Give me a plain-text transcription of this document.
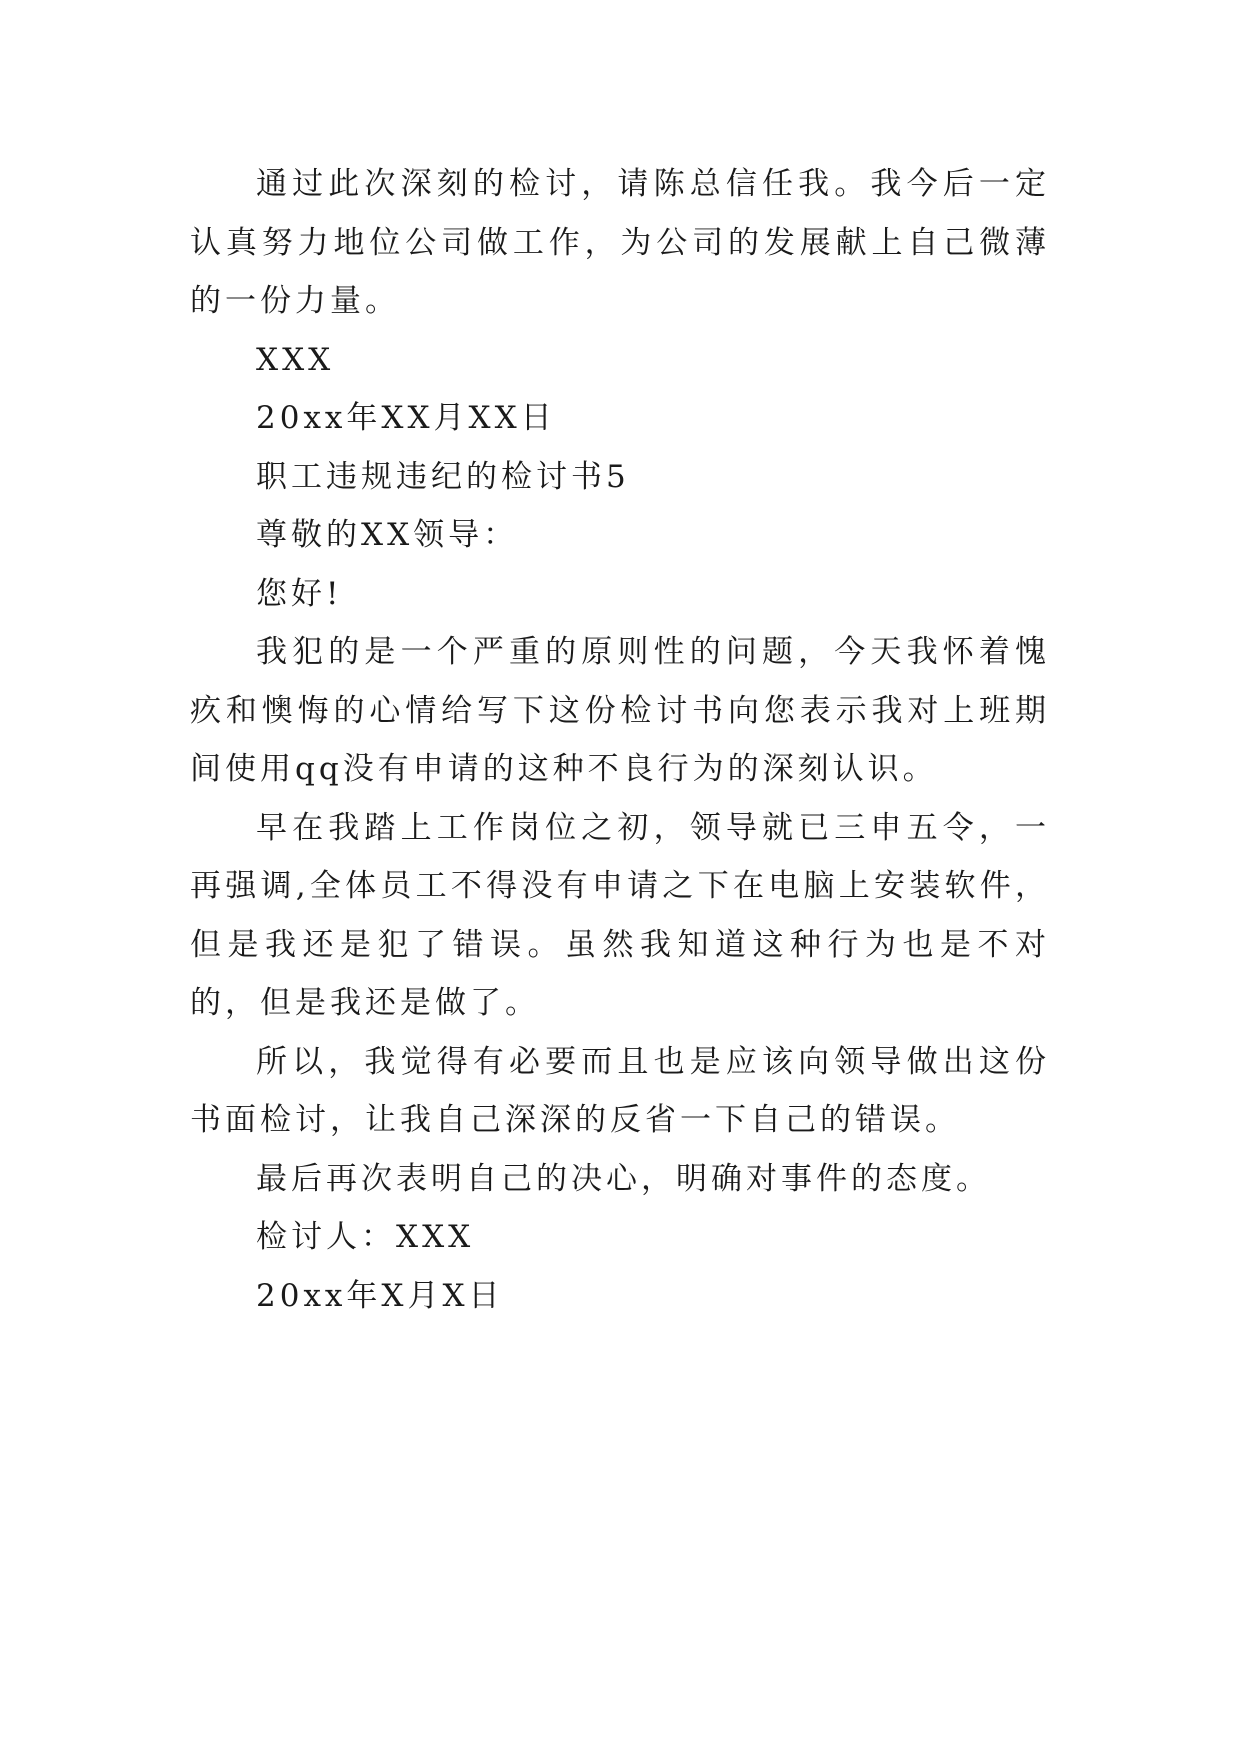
通过此次深刻的检讨，请陈总信任我。我今后一定认真努力地位公司做工作，为公司的发展献上自己微薄的一份力量。

XXX

20xx年XX月XX日

职工违规违纪的检讨书5

尊敬的XX领导：

您好!

我犯的是一个严重的原则性的问题，今天我怀着愧疚和懊悔的心情给写下这份检讨书向您表示我对上班期间使用qq没有申请的这种不良行为的深刻认识。

早在我踏上工作岗位之初，领导就已三申五令，一再强调,全体员工不得没有申请之下在电脑上安装软件，但是我还是犯了错误。虽然我知道这种行为也是不对的，但是我还是做了。

所以，我觉得有必要而且也是应该向领导做出这份书面检讨，让我自己深深的反省一下自己的错误。

最后再次表明自己的决心，明确对事件的态度。

检讨人：XXX

20xx年X月X日
